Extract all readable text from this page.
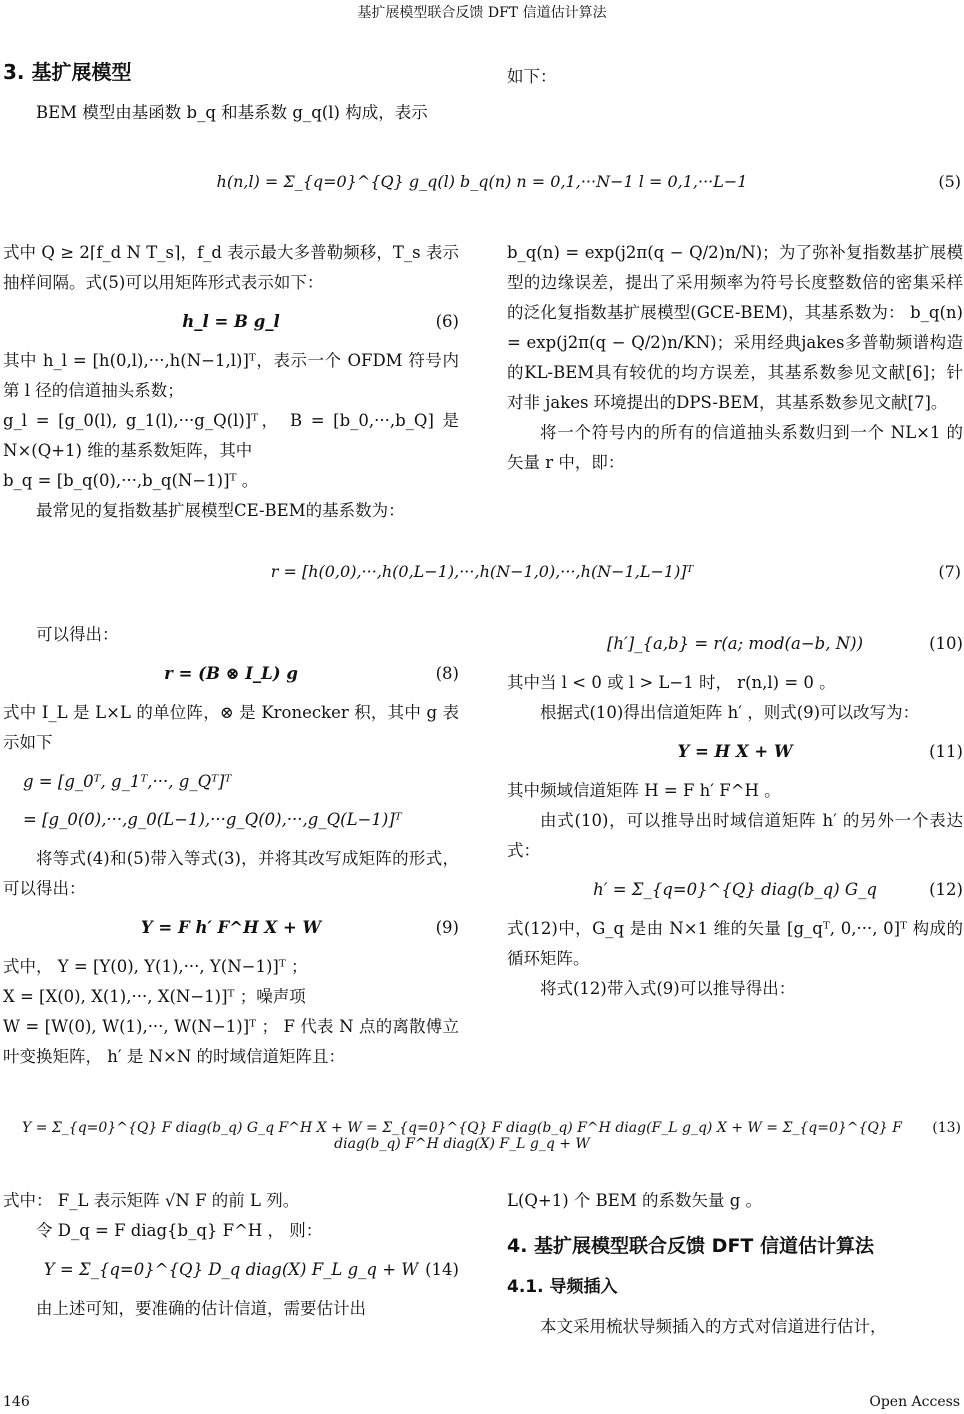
基扩展模型联合反馈 DFT 信道估计算法
3. 基扩展模型

BEM 模型由基函数 b_q 和基系数 g_q(l) 构成，表示

如下：

h(n,l) = Σ_{q=0}^{Q} g_q(l) b_q(n) n = 0,1,···N−1 l = 0,1,···L−1	(5)

式中 Q ≥ 2⌈f_d N T_s⌉，f_d 表示最大多普勒频移，T_s 表示抽样间隔。式(5)可以用矩阵形式表示如下：

h_l = B g_l	(6)

其中 h_l = [h(0,l),···,h(N−1,l)]ᵀ，表示一个 OFDM 符号内第 l 径的信道抽头系数；

g_l = [g_0(l), g_1(l),···g_Q(l)]ᵀ， B = [b_0,···,b_Q] 是 N×(Q+1) 维的基系数矩阵，其中

b_q = [b_q(0),···,b_q(N−1)]ᵀ 。

最常见的复指数基扩展模型CE-BEM的基系数为：

b_q(n) = exp(j2π(q − Q/2)n/N)；为了弥补复指数基扩展模型的边缘误差，提出了采用频率为符号长度整数倍的密集采样的泛化复指数基扩展模型(GCE-BEM)，其基系数为： b_q(n) = exp(j2π(q − Q/2)n/KN)；采用经典jakes多普勒频谱构造的KL-BEM具有较优的均方误差，其基系数参见文献[6]；针对非 jakes 环境提出的DPS-BEM，其基系数参见文献[7]。

将一个符号内的所有的信道抽头系数归到一个 NL×1 的矢量 r 中，即：

r = [h(0,0),···,h(0,L−1),···,h(N−1,0),···,h(N−1,L−1)]ᵀ	(7)

可以得出：

r = (B ⊗ I_L) g	(8)

式中 I_L 是 L×L 的单位阵，⊗ 是 Kronecker 积，其中 g 表示如下

g = [g_0ᵀ, g_1ᵀ,···, g_Qᵀ]ᵀ
= [g_0(0),···,g_0(L−1),···g_Q(0),···,g_Q(L−1)]ᵀ

将等式(4)和(5)带入等式(3)，并将其改写成矩阵的形式，可以得出：

Y = F h′ F^H X + W	(9)

式中， Y = [Y(0), Y(1),···, Y(N−1)]ᵀ ；

X = [X(0), X(1),···, X(N−1)]ᵀ ；噪声项

W = [W(0), W(1),···, W(N−1)]ᵀ ； F 代表 N 点的离散傅立叶变换矩阵， h′ 是 N×N 的时域信道矩阵且：

[h′]_{a,b} = r(a; mod(a−b, N))	(10)

其中当 l < 0 或 l > L−1 时， r(n,l) = 0 。

根据式(10)得出信道矩阵 h′ ，则式(9)可以改写为：

Y = H X + W	(11)

其中频域信道矩阵 H = F h′ F^H 。

由式(10)，可以推导出时域信道矩阵 h′ 的另外一个表达式：

h′ = Σ_{q=0}^{Q} diag(b_q) G_q	(12)

式(12)中，G_q 是由 N×1 维的矢量 [g_qᵀ, 0,···, 0]ᵀ 构成的循环矩阵。

将式(12)带入式(9)可以推导得出：

Y = Σ_{q=0}^{Q} F diag(b_q) G_q F^H X + W = Σ_{q=0}^{Q} F diag(b_q) F^H diag(F_L g_q) X + W = Σ_{q=0}^{Q} F diag(b_q) F^H diag(X) F_L g_q + W
(13)

式中： F_L 表示矩阵 √N F 的前 L 列。

令 D_q = F diag{b_q} F^H ， 则：

Y = Σ_{q=0}^{Q} D_q diag(X) F_L g_q + W (14)

由上述可知，要准确的估计信道，需要估计出

L(Q+1) 个 BEM 的系数矢量 g 。

4. 基扩展模型联合反馈 DFT 信道估计算法
4.1. 导频插入

本文采用梳状导频插入的方式对信道进行估计，

146	Open Access
